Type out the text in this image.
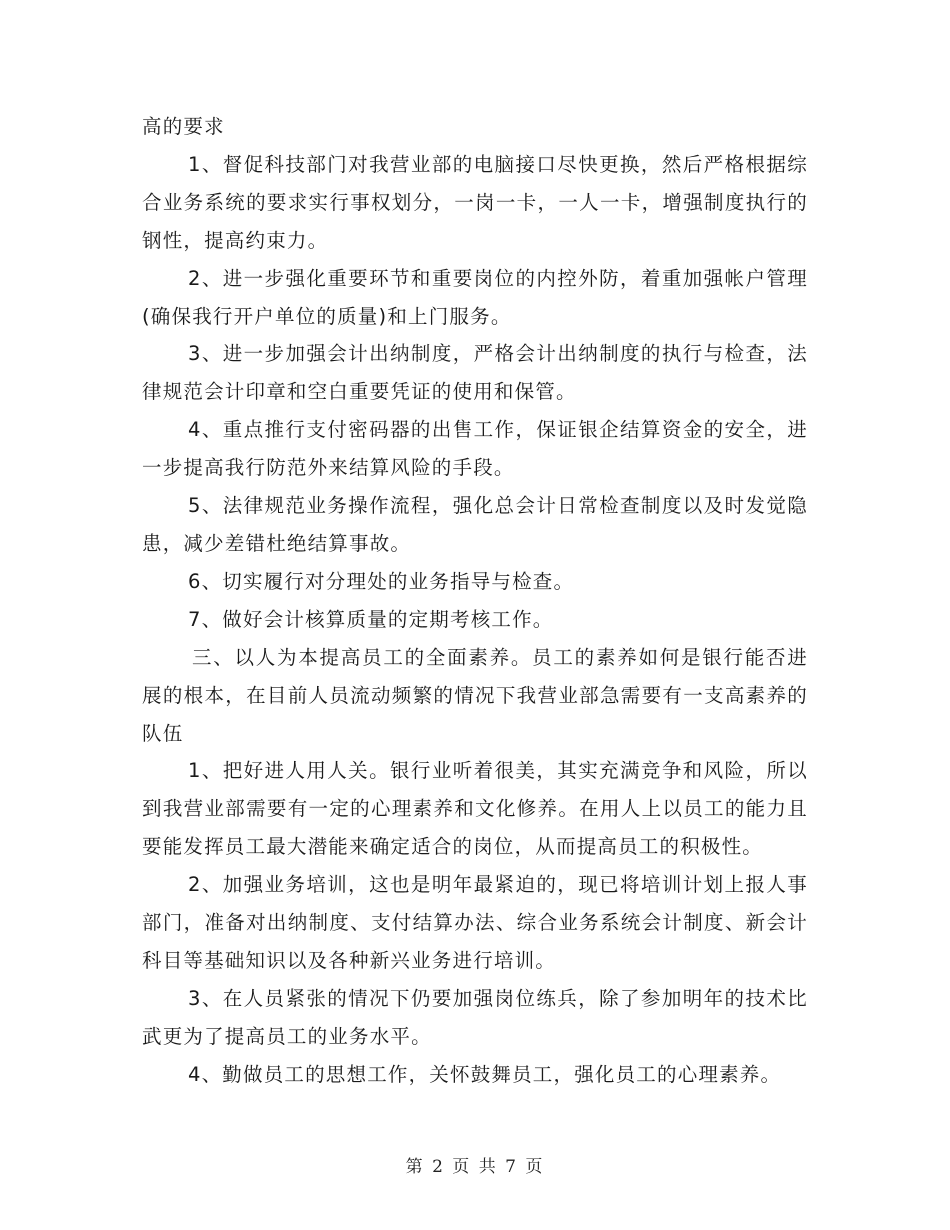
高的要求

1、督促科技部门对我营业部的电脑接口尽快更换，然后严格根据综合业务系统的要求实行事权划分，一岗一卡，一人一卡，增强制度执行的钢性，提高约束力。

2、进一步强化重要环节和重要岗位的内控外防，着重加强帐户管理(确保我行开户单位的质量)和上门服务。

3、进一步加强会计出纳制度，严格会计出纳制度的执行与检查，法律规范会计印章和空白重要凭证的使用和保管。

4、重点推行支付密码器的出售工作，保证银企结算资金的安全，进一步提高我行防范外来结算风险的手段。

5、法律规范业务操作流程，强化总会计日常检查制度以及时发觉隐患，减少差错杜绝结算事故。

6、切实履行对分理处的业务指导与检查。

7、做好会计核算质量的定期考核工作。

三、以人为本提高员工的全面素养。员工的素养如何是银行能否进展的根本，在目前人员流动频繁的情况下我营业部急需要有一支高素养的队伍

1、把好进人用人关。银行业听着很美，其实充满竞争和风险，所以到我营业部需要有一定的心理素养和文化修养。在用人上以员工的能力且要能发挥员工最大潜能来确定适合的岗位，从而提高员工的积极性。

2、加强业务培训，这也是明年最紧迫的，现已将培训计划上报人事部门，准备对出纳制度、支付结算办法、综合业务系统会计制度、新会计科目等基础知识以及各种新兴业务进行培训。

3、在人员紧张的情况下仍要加强岗位练兵，除了参加明年的技术比武更为了提高员工的业务水平。

4、勤做员工的思想工作，关怀鼓舞员工，强化员工的心理素养。

第 2 页 共 7 页
